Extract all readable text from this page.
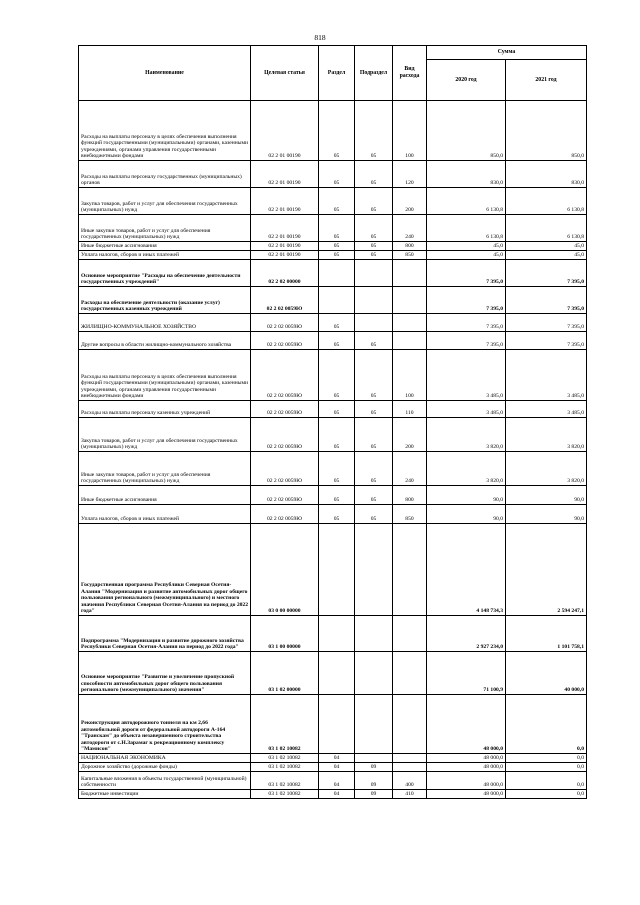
818
Наименование	Целевая статья	Раздел	Подраздел	Вид расхода	Сумма	
					2020 год	2021 год
Расходы на выплаты персоналу в целях обеспечения выполнения функций государственными (муниципальными) органами, казенными учреждениями, органами управления государственными внебюджетными фондами	02 2 01 00190	05	05	100	850,0	850,0
Расходы на выплаты персоналу государственных (муниципальных) органов	02 2 01 00190	05	05	120	830,0	830,0
Закупка товаров, работ и услуг для обеспечения государственных (муниципальных) нужд	02 2 01 00190	05	05	200	6 130,8	6 130,8
Иные закупки товаров, работ и услуг для обеспечения государственных (муниципальных) нужд	02 2 01 00190	05	05	240	6 130,8	6 130,8
Иные бюджетные ассигнования	02 2 01 00190	05	05	800	45,0	45,0
Уплата налогов, сборов и иных платежей	02 2 01 00190	05	05	850	45,0	45,0
Основное мероприятие "Расходы на обеспечение деятельности государственных учреждений"	02 2 02 00000				7 395,0	7 395,0
Расходы на обеспечение деятельности (оказание услуг) государственных казенных учреждений	02 2 02 0059Ю				7 395,0	7 395,0
ЖИЛИЩНО-КОММУНАЛЬНОЕ ХОЗЯЙСТВО	02 2 02 0059Ю	05			7 395,0	7 395,0
Другие вопросы в области жилищно-коммунального хозяйства	02 2 02 0059Ю	05	05		7 395,0	7 395,0
Расходы на выплаты персоналу в целях обеспечения выполнения функций государственными (муниципальными) органами, казенными учреждениями, органами управления государственными внебюджетными фондами	02 2 02 0059Ю	05	05	100	3 485,0	3 485,0
Расходы на выплаты персоналу казенных учреждений	02 2 02 0059Ю	05	05	110	3 485,0	3 485,0
Закупка товаров, работ и услуг для обеспечения государственных (муниципальных) нужд	02 2 02 0059Ю	05	05	200	3 820,0	3 820,0
Иные закупки товаров, работ и услуг для обеспечения государственных (муниципальных) нужд	02 2 02 0059Ю	05	05	240	3 820,0	3 820,0
Иные бюджетные ассигнования	02 2 02 0059Ю	05	05	800	90,0	90,0
Уплата налогов, сборов и иных платежей	02 2 02 0059Ю	05	05	850	90,0	90,0
Государственная программа Республики Северная Осетия-Алания "Модернизация и развитие автомобильных дорог общего пользования регионального (межмуниципального) и местного значения Республики Северная Осетия-Алания на период до 2022 года"	03 0 00 00000				4 148 734,3	2 594 247,1
Подпрограмма "Модернизация и развитие дорожного хозяйства Республики Северная Осетия-Алания на период до 2022 года"	03 1 00 00000				2 927 234,0	1 101 758,1
Основное мероприятие "Развитие и увеличение пропускной способности автомобильных дорог общего пользования регионального (межмуниципального) значения"	03 1 02 00000				71 100,9	40 000,0
Реконструкция автодорожного тоннеля на км 2,66 автомобильной дороги от федеральной автодороги А-164 "Транскам" до объекта незавершенного строительства автодороги от с.Н.Зарамаг к рекреационному комплексу "Мамисон"	03 1 02 10082				48 000,0	0,0
НАЦИОНАЛЬНАЯ ЭКОНОМИКА	03 1 02 10082	04			48 000,0	0,0
Дорожное хозяйство (дорожные фонды)	03 1 02 10082	04	09		48 000,0	0,0
Капитальные вложения в объекты государственной (муниципальной) собственности	03 1 02 10082	04	09	400	48 000,0	0,0
Бюджетные инвестиции	03 1 02 10082	04	09	410	48 000,0	0,0
